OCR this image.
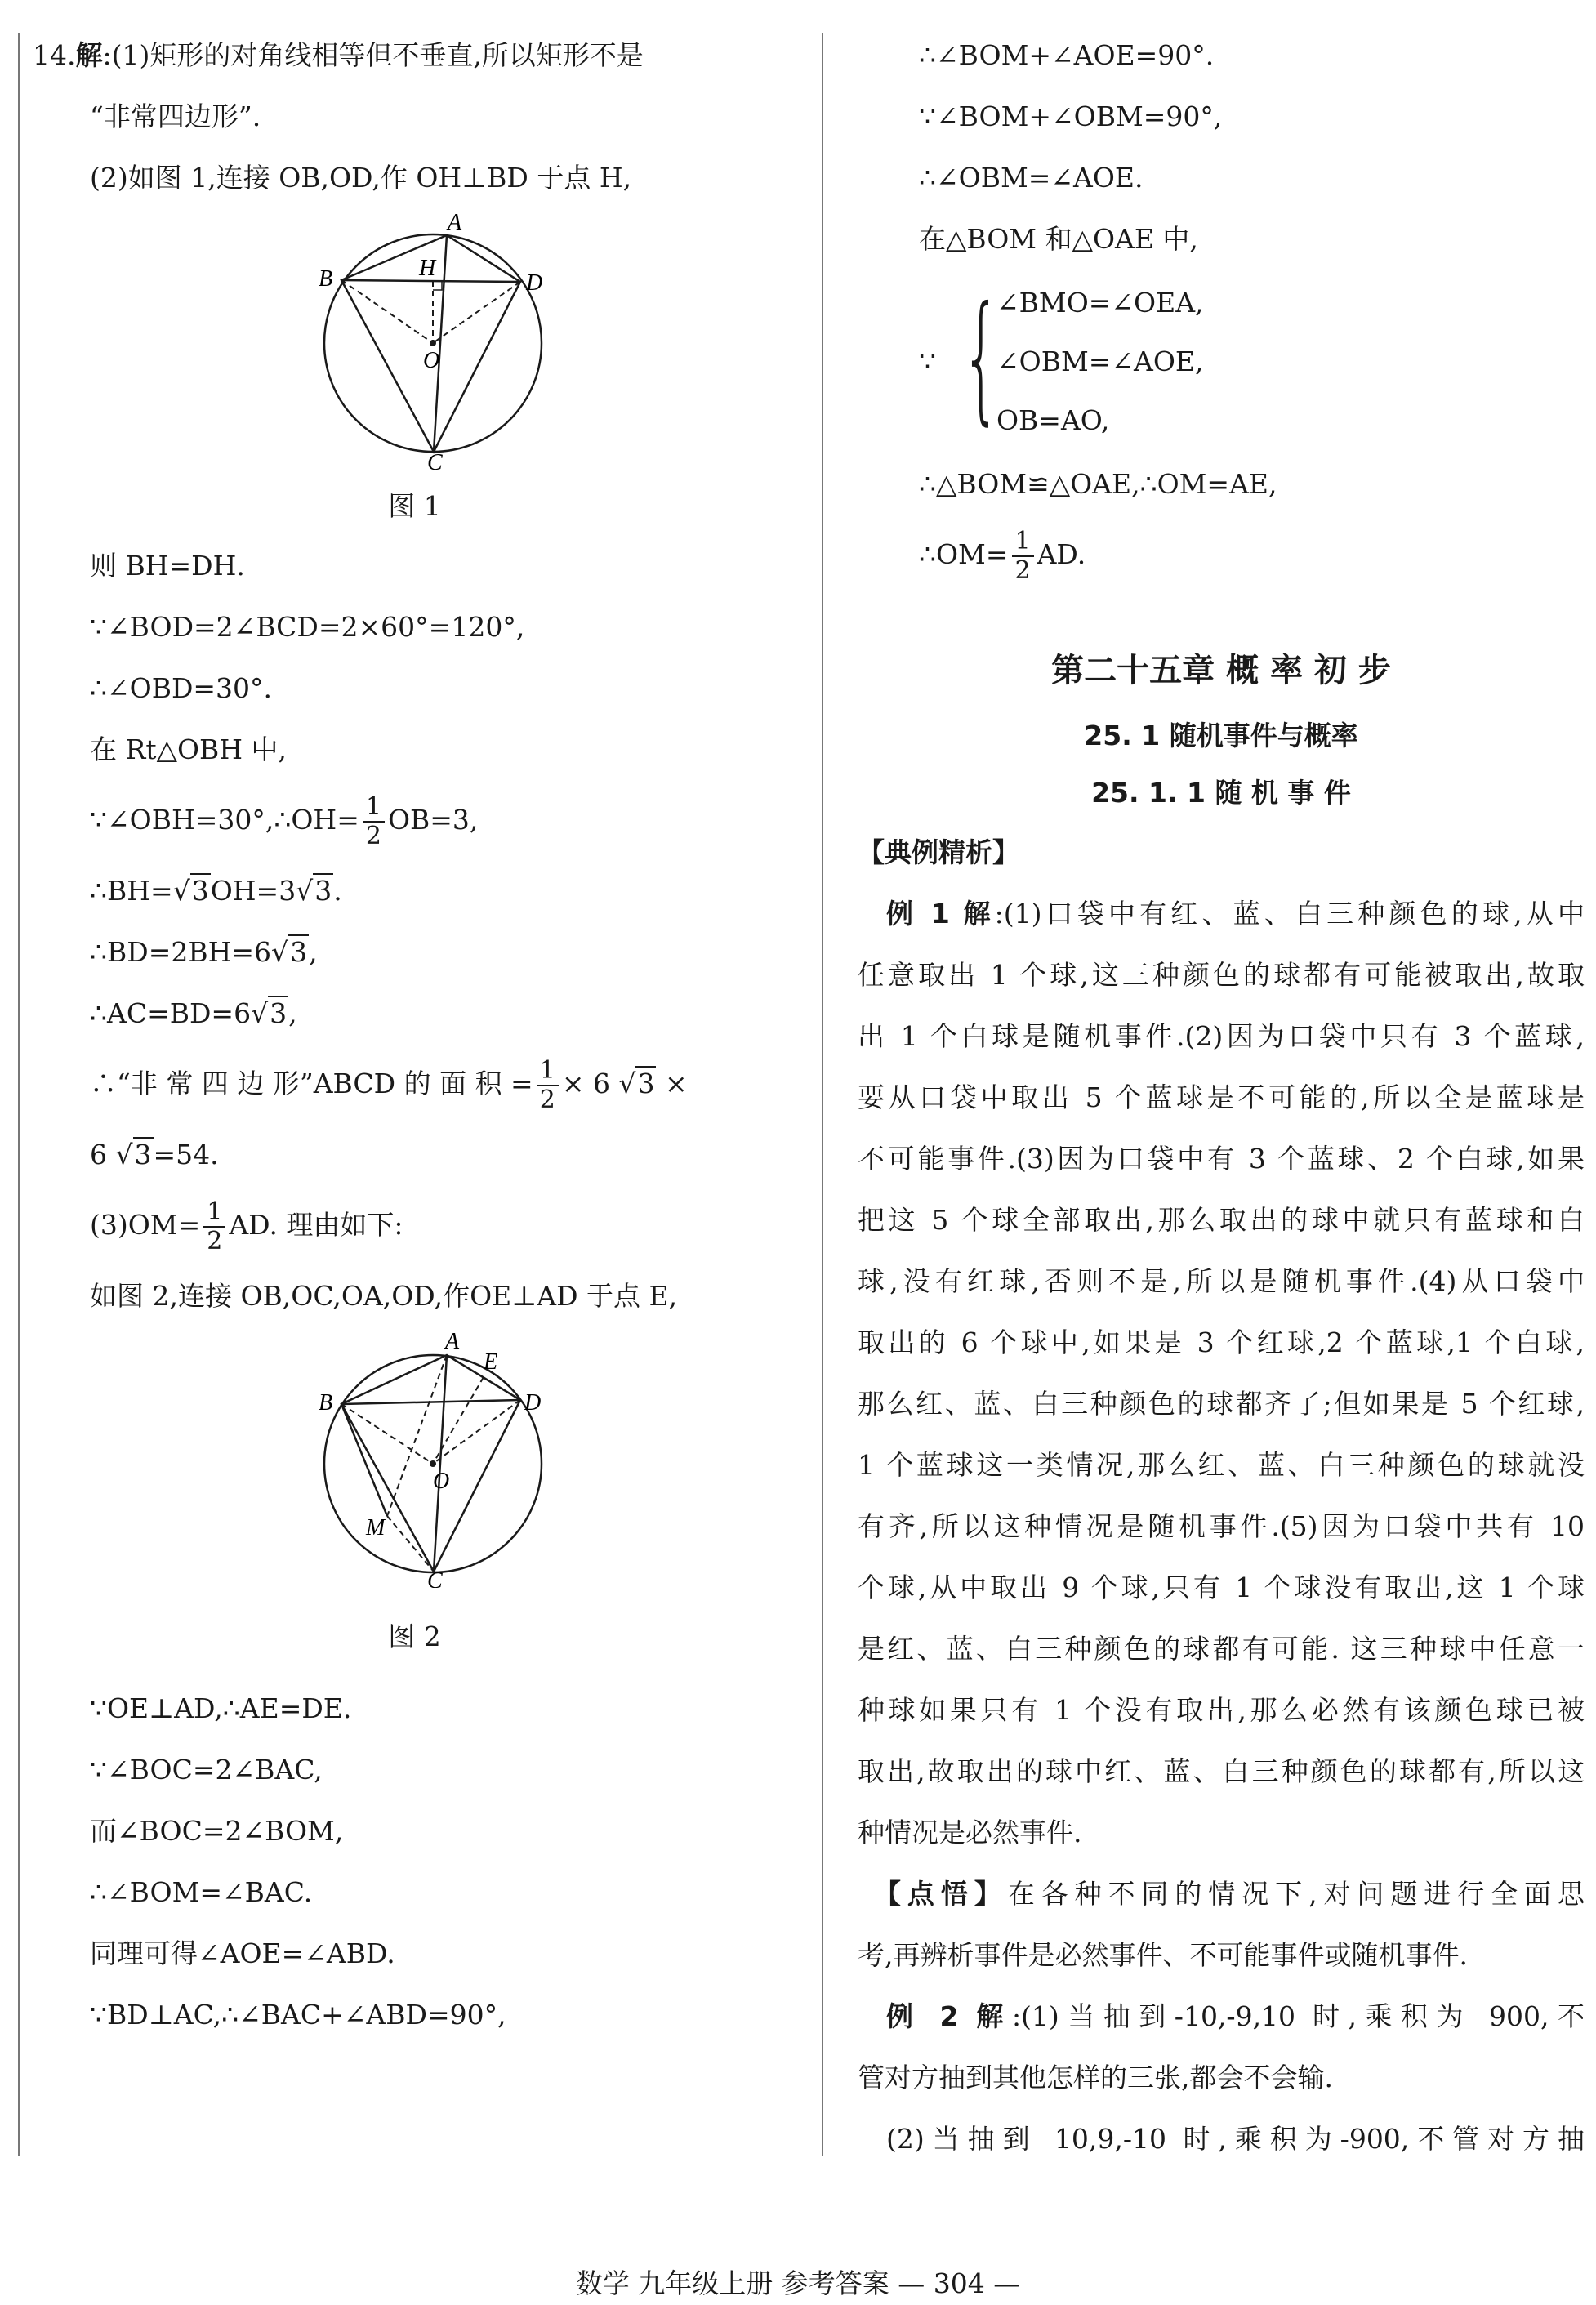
14.解:(1)矩形的对角线相等但不垂直,所以矩形不是
“非常四边形”.
(2)如图 1,连接 OB,OD,作 OH⊥BD 于点 H,
A
B	H
D
O
C
图 1
则 BH=DH.
∵∠BOD=2∠BCD=2×60°=120°,
∴∠OBD=30°.
在 Rt△OBH 中,
∵∠OBH=30°,∴OH= $\frac{1}{2} OB=3$,
∴BH=√3OH=3√3.
∴BD=2BH=6√3,
∴AC=BD=6√3,
∴“非 常 四 边 形”ABCD 的 面 积 = $\frac{1}{2} \times 6$ √3 ×
6 √3=54.
$(3)OM= \frac{1}{2}$ AD. 理由如下:
如图 2,连接 OB,OC,OA,OD,作OE⊥AD 于点 E,
A
E
B	D
O
M
C
图 2
∵OE⊥AD,∴AE=DE.
∵∠BOC=2∠BAC,
而∠BOC=2∠BOM,
∴∠BOM=∠BAC.
同理可得∠AOE=∠ABD.
∵BD⊥AC,∴∠BAC+∠ABD=90°,
∴∠BOM+∠AOE=90°.
∵∠BOM+∠OBM=90°,
∴∠OBM=∠AOE.
在△BOM 和△OAE 中,
∵ {
∠BMO=∠OEA,
∠OBM=∠AOE,
OB=AO,
∴△BOM≌△OAE,∴OM=AE,
∴OM= $\frac{1}{2}$ AD.
第二十五章 概 率 初 步
25. 1 随机事件与概率
25. 1. 1 随 机 事 件
【典例精析】
例 1 解:(1)口袋中有红、蓝、白三种颜色的球,从中
任意取出 1 个球,这三种颜色的球都有可能被取出,故取
出 1 个白球是随机事件.(2)因为口袋中只有 3 个蓝球,
要从口袋中取出 5 个蓝球是不可能的,所以全是蓝球是
不可能事件.(3)因为口袋中有 3 个蓝球、2 个白球,如果
把这 5 个球全部取出,那么取出的球中就只有蓝球和白
球,没有红球,否则不是,所以是随机事件.(4)从口袋中
取出的 6 个球中,如果是 3 个红球,2 个蓝球,1 个白球,
那么红、蓝、白三种颜色的球都齐了;但如果是 5 个红球,
1 个蓝球这一类情况,那么红、蓝、白三种颜色的球就没
有齐,所以这种情况是随机事件.(5)因为口袋中共有 10
个球,从中取出 9 个球,只有 1 个球没有取出,这 1 个球
是红、蓝、白三种颜色的球都有可能. 这三种球中任意一
种球如果只有 1 个没有取出,那么必然有该颜色球已被
取出,故取出的球中红、蓝、白三种颜色的球都有,所以这
种情况是必然事件.
【点悟】在各种不同的情况下,对问题进行全面思
考,再辨析事件是必然事件、不可能事件或随机事件.
例 2 解:(1)当抽到-10,-9,10 时,乘积为 900,不
管对方抽到其他怎样的三张,都会不会输.
(2)当抽到 10,9,-10 时,乘积为-900,不管对方抽
数学 九年级上册 参考答案 — 304 —
